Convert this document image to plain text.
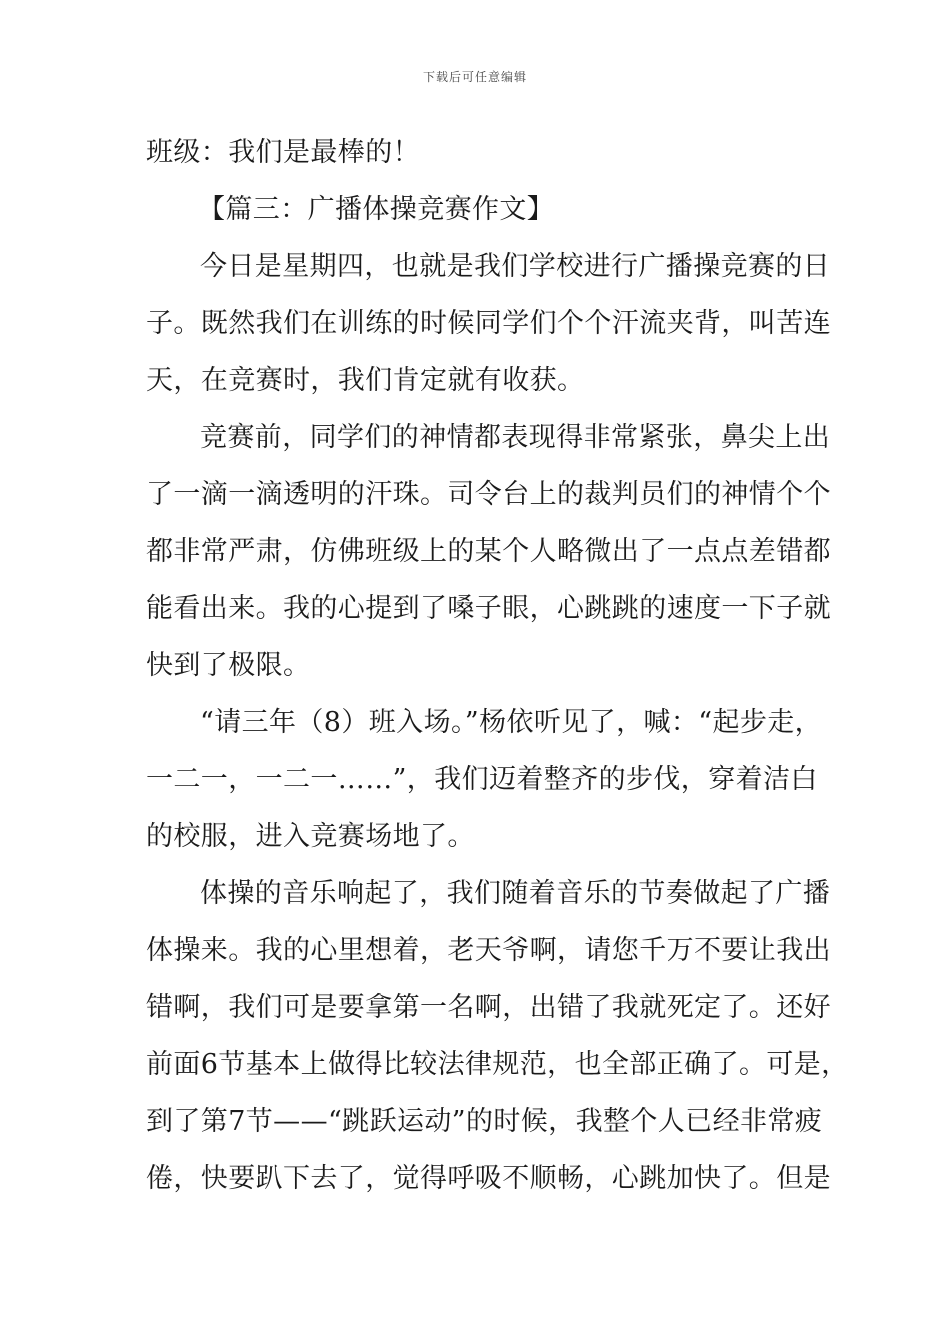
下载后可任意编辑
班级：我们是最棒的！
【篇三：广播体操竞赛作文】
今日是星期四，也就是我们学校进行广播操竞赛的日
子。既然我们在训练的时候同学们个个汗流夹背，叫苦连
天，在竞赛时，我们肯定就有收获。
竞赛前，同学们的神情都表现得非常紧张，鼻尖上出
了一滴一滴透明的汗珠。司令台上的裁判员们的神情个个
都非常严肃，仿佛班级上的某个人略微出了一点点差错都
能看出来。我的心提到了嗓子眼，心跳跳的速度一下子就
快到了极限。
“请三年（8）班入场。”杨依听见了，喊：“起步走，
一二一，一二一……”，我们迈着整齐的步伐，穿着洁白
的校服，进入竞赛场地了。
体操的音乐响起了，我们随着音乐的节奏做起了广播
体操来。我的心里想着，老天爷啊，请您千万不要让我出
错啊，我们可是要拿第一名啊，出错了我就死定了。还好
前面6节基本上做得比较法律规范，也全部正确了。可是，
到了第7节——“跳跃运动”的时候，我整个人已经非常疲
倦，快要趴下去了，觉得呼吸不顺畅，心跳加快了。但是
